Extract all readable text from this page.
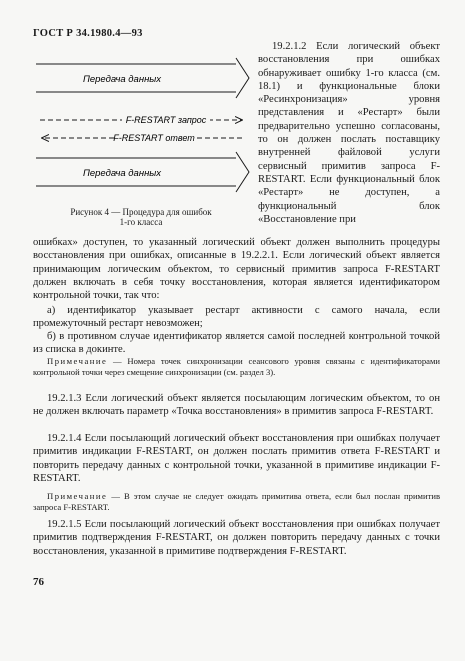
ГОСТ Р 34.1980.4—93
Передача данных
F-RESTART запрос
F-RESTART ответ
Передача данных
Рисунок 4 — Процедура для ошибок
1-го класса

19.2.1.2 Если логический объект восстановления при ошибках обнаруживает ошибку 1-го класса (см. 18.1) и функциональные блоки «Ресинхронизация» уровня представления и «Рестарт» были предварительно успешно согласованы, то он должен послать поставщику внутренней файловой услуги сервисный примитив запроса F-RESTART. Если функциональный блок «Рестарт» не доступен, а функциональный блок «Восстановление при

ошибках» доступен, то указанный логический объект должен выполнить процедуры восстановления при ошибках, описанные в 19.2.2.1. Если логический объект является принимающим логическим объектом, то сервисный примитив запроса F-RESTART должен включать в себя точку восстановления, которая является идентификатором контрольной точки, так что:

а) идентификатор указывает рестарт активности с самого начала, если промежуточный рестарт невозможен;

б) в противном случае идентификатор является самой последней контрольной точкой из списка в докинте.

Примечание — Номера точек синхронизации сеансового уровня связаны с идентификаторами контрольной точки через смещение синхронизации (см. раздел 3).

19.2.1.3 Если логический объект является посылающим логическим объектом, то он не должен включать параметр «Точка восстановления» в примитив запроса F-RESTART.

19.2.1.4 Если посылающий логический объект восстановления при ошибках получает примитив индикации F-RESTART, он должен послать примитив ответа F-RESTART и повторить передачу данных с контрольной точки, указанной в примитиве индикации F-RESTART.

Примечание — В этом случае не следует ожидать примитива ответа, если был послан примитив запроса F-RESTART.

19.2.1.5 Если посылающий логический объект восстановления при ошибках получает примитив подтверждения F-RESTART, он должен повторить передачу данных с точки восстановления, указанной в примитиве подтверждения F-RESTART.

76
